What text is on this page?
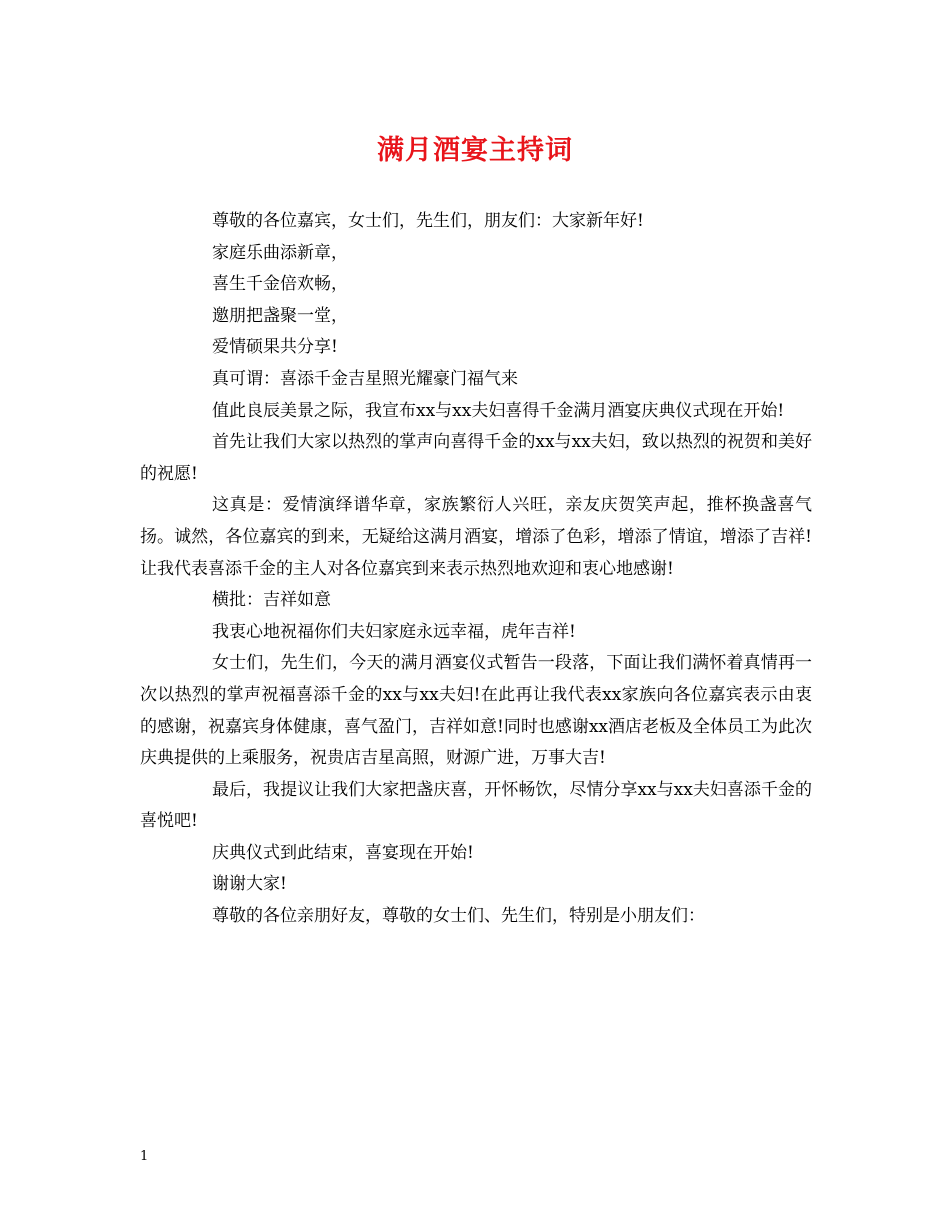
满月酒宴主持词

尊敬的各位嘉宾，女士们，先生们，朋友们：大家新年好!

家庭乐曲添新章，

喜生千金倍欢畅，

邀朋把盏聚一堂，

爱情硕果共分享!

真可谓：喜添千金吉星照光耀豪门福气来

值此良辰美景之际，我宣布xx与xx夫妇喜得千金满月酒宴庆典仪式现在开始!

首先让我们大家以热烈的掌声向喜得千金的xx与xx夫妇，致以热烈的祝贺和美好的祝愿!

这真是：爱情演绎谱华章，家族繁衍人兴旺，亲友庆贺笑声起，推杯换盏喜气扬。诚然，各位嘉宾的到来，无疑给这满月酒宴，增添了色彩，增添了情谊，增添了吉祥!让我代表喜添千金的主人对各位嘉宾到来表示热烈地欢迎和衷心地感谢!

横批：吉祥如意

我衷心地祝福你们夫妇家庭永远幸福，虎年吉祥!

女士们，先生们，今天的满月酒宴仪式暂告一段落，下面让我们满怀着真情再一次以热烈的掌声祝福喜添千金的xx与xx夫妇!在此再让我代表xx家族向各位嘉宾表示由衷的感谢，祝嘉宾身体健康，喜气盈门，吉祥如意!同时也感谢xx酒店老板及全体员工为此次庆典提供的上乘服务，祝贵店吉星高照，财源广进，万事大吉!

最后，我提议让我们大家把盏庆喜，开怀畅饮，尽情分享xx与xx夫妇喜添千金的喜悦吧!

庆典仪式到此结束，喜宴现在开始!

谢谢大家!

尊敬的各位亲朋好友，尊敬的女士们、先生们，特别是小朋友们：

1
